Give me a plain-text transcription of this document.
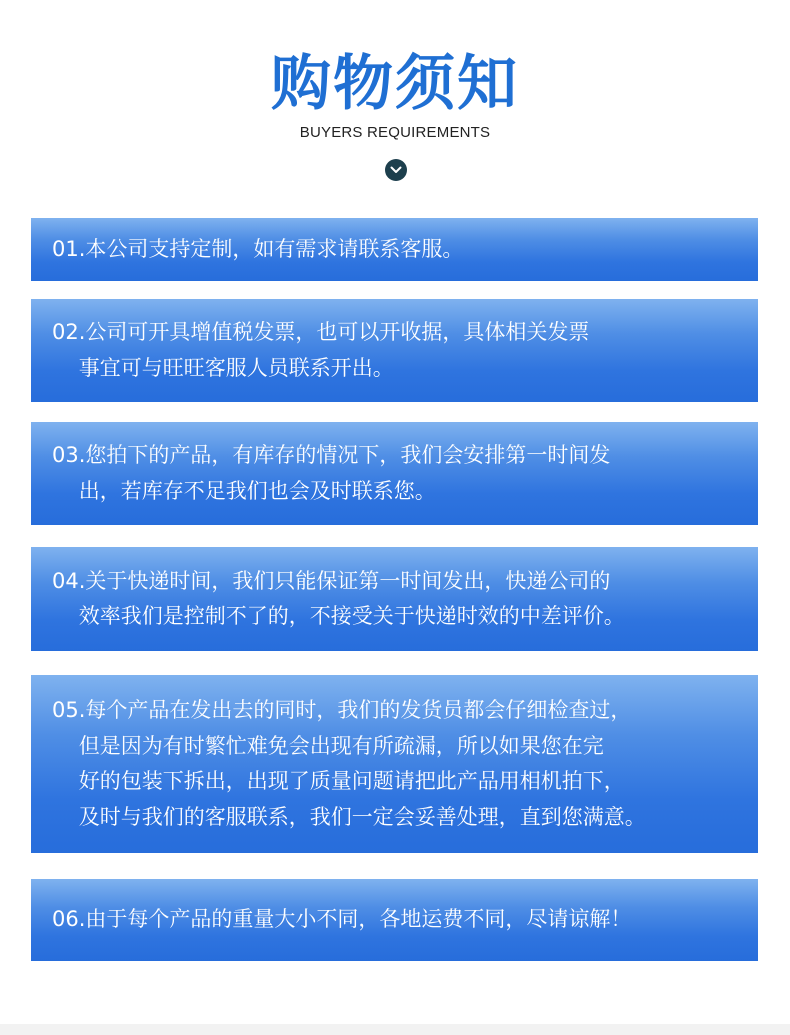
购物须知
BUYERS REQUIREMENTS
01.本公司支持定制，如有需求请联系客服。
02.公司可开具增值税发票，也可以开收据，具体相关发票
事宜可与旺旺客服人员联系开出。
03.您拍下的产品，有库存的情况下，我们会安排第一时间发
出，若库存不足我们也会及时联系您。
04.关于快递时间，我们只能保证第一时间发出，快递公司的
效率我们是控制不了的，不接受关于快递时效的中差评价。
05.每个产品在发出去的同时，我们的发货员都会仔细检查过，
但是因为有时繁忙难免会出现有所疏漏，所以如果您在完
好的包装下拆出，出现了质量问题请把此产品用相机拍下，
及时与我们的客服联系，我们一定会妥善处理，直到您满意。
06.由于每个产品的重量大小不同，各地运费不同，尽请谅解！
